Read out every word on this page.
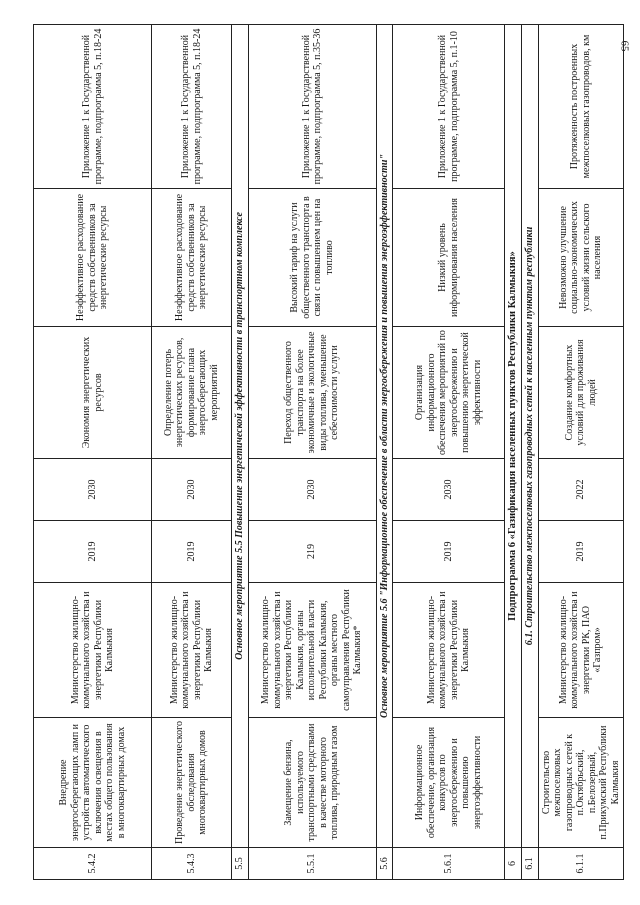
65
5.4.2	Внедрение энергосберегающих ламп и устройств автоматического включения освещения в местах общего пользования в многоквартирных домах	Министерство жилищно-коммунального хозяйства и энергетики Республики Калмыкия	2019	2030	Экономия энергетических ресурсов	Неэффективное расходование средств собственников за энергетические ресурсы	Приложение 1 к Государственной программе, подпрограмма 5, п.18-24
5.4.3	Проведение энергетического обследования многоквартирных домов	Министерство жилищно-коммунального хозяйства и энергетики Республики Калмыкия	2019	2030	Определение потерь энергетических ресурсов, формирование плана энергосберегающих мероприятий	Неэффективное расходование средств собственников за энергетические ресурсы	Приложение 1 к Государственной программе, подпрограмма 5, п.18-24
5.5	Основное мероприятие 5.5 Повышение энергетической эффективности в транспортном комплексе						
5.5.1	Замещение бензина, используемого транспортными средствами в качестве моторного топлива, природным газом	Министерство жилищно-коммунального хозяйства и энергетики Республики Калмыкия, органы исполнительной власти Республики Калмыкия, органы местного самоуправления Республики Калмыкия*	219	2030	Переход общественного транспорта на более экономичные и экологичные виды топлива, уменьшение себестоимости услуги	Высокий тариф на услуги общественного транспорта в связи с повышением цен на топливо	Приложение 1 к Государственной программе, подпрограмма 5, п.35-36
5.6	Основное мероприятие 5.6 "Информационное обеспечение в области энергосбережения и повышения энергоэффективности"						
5.6.1	Информационное обеспечение, организация конкурсов по энергосбережению и повышению энергоэффективности	Министерство жилищно-коммунального хозяйства и энергетики Республики Калмыкия	2019	2030	Организация информационного обеспечения мероприятий по энергосбережению и повышению энергетической эффективности	Низкий уровень информирования населения	Приложение 1 к Государственной программе, подпрограмма 5, п.1-10
6	Подпрограмма 6 «Газификация населенных пунктов Республики Калмыкия»						
6.1	6.1. Строительство межпоселковых газопроводных сетей к населенным пунктам республики						
6.1.1	Строительство межпоселковых газопроводных сетей к п.Октябрьский, п.Белозерный, п.Прикумский Республики Калмыкия	Министерство жилищно-коммунального хозяйства и энергетики РК, ПАО «Газпром»	2019	2022	Создание комфортных условий для проживания людей	Невозможно улучшение социально-экономических условий жизни сельского населения	Протяженность построенных межпоселковых газопроводов, км
